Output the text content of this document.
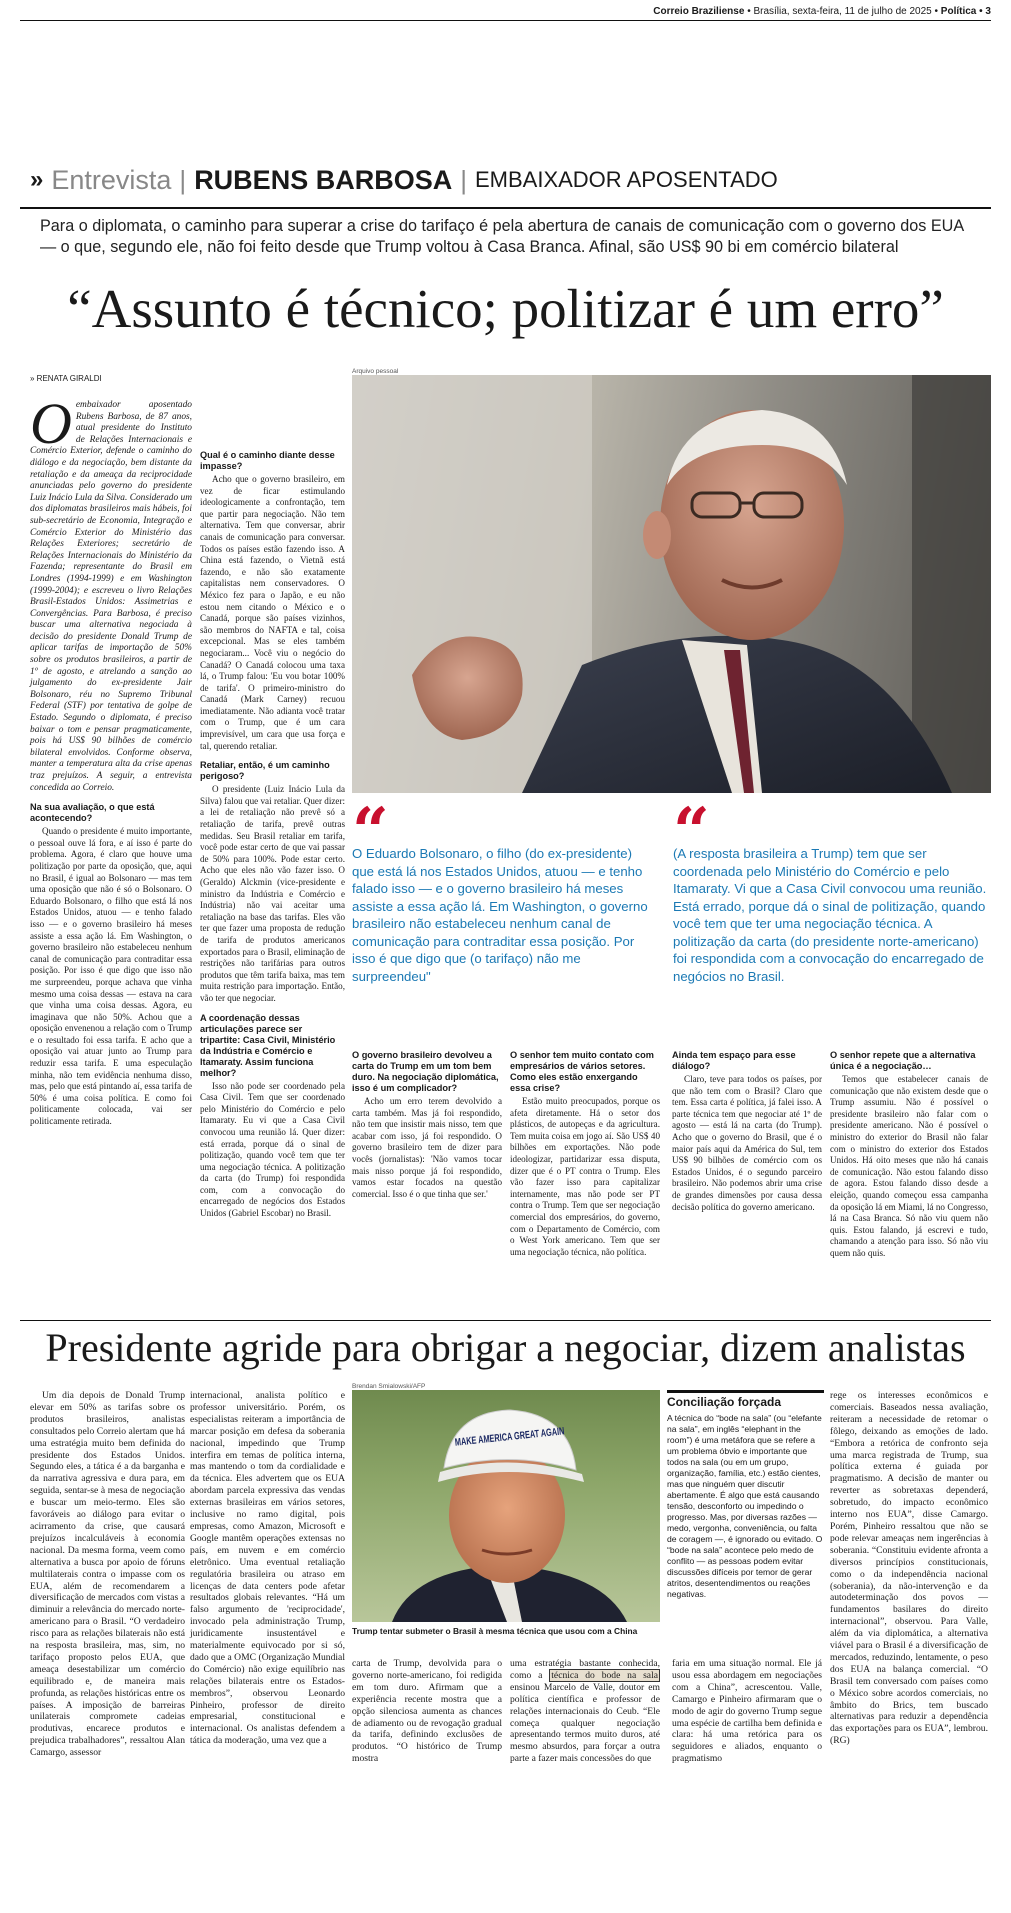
Correio Braziliense • Brasília, sexta-feira, 11 de julho de 2025 • Política • 3
» Entrevista | RUBENS BARBOSA | EMBAIXADOR APOSENTADO
Para o diplomata, o caminho para superar a crise do tarifaço é pela abertura de canais de comunicação com o governo dos EUA — o que, segundo ele, não foi feito desde que Trump voltou à Casa Branca. Afinal, são US$ 90 bi em comércio bilateral
“Assunto é técnico; politizar é um erro”
» RENATA GIRALDI
Arquivo pessoal
Oembaixador aposentado Rubens Barbosa, de 87 anos, atual presidente do Instituto de Relações Internacionais e Comércio Exterior, defende o caminho do diálogo e da negociação, bem distante da retaliação e da ameaça da reciprocidade anunciadas pelo governo do presidente Luiz Inácio Lula da Silva. Considerado um dos diplomatas brasileiros mais hábeis, foi sub-secretário de Economia, Integração e Comércio Exterior do Ministério das Relações Exteriores; secretário de Relações Internacionais do Ministério da Fazenda; representante do Brasil em Londres (1994-1999) e em Washington (1999-2004); e escreveu o livro Relações Brasil-Estados Unidos: Assimetrias e Convergências. Para Barbosa, é preciso buscar uma alternativa negociada à decisão do presidente Donald Trump de aplicar tarifas de importação de 50% sobre os produtos brasileiros, a partir de 1º de agosto, e atrelando a sanção ao julgamento do ex-presidente Jair Bolsonaro, réu no Supremo Tribunal Federal (STF) por tentativa de golpe de Estado. Segundo o diplomata, é preciso baixar o tom e pensar pragmaticamente, pois há US$ 90 bilhões de comércio bilateral envolvidos. Conforme observa, manter a temperatura alta da crise apenas traz prejuízos. A seguir, a entrevista concedida ao Correio.
Na sua avaliação, o que está acontecendo?

Quando o presidente é muito importante, o pessoal ouve lá fora, e aí isso é parte do problema. Agora, é claro que houve uma politização por parte da oposição, que, aqui no Brasil, é igual ao Bolsonaro — mas tem uma oposição que não é só o Bolsonaro. O Eduardo Bolsonaro, o filho que está lá nos Estados Unidos, atuou — e tenho falado isso — e o governo brasileiro há meses assiste a essa ação lá. Em Washington, o governo brasileiro não estabeleceu nenhum canal de comunicação para contraditar essa posição. Por isso é que digo que isso não me surpreendeu, porque achava que vinha mesmo uma coisa dessas — estava na cara que vinha uma coisa dessas. Agora, eu imaginava que não 50%. Achou que a oposição envenenou a relação com o Trump e o resultado foi essa tarifa. E acho que a oposição vai atuar junto ao Trump para reduzir essa tarifa. E uma especulação minha, não tem evidência nenhuma disso, mas, pelo que está pintando aí, essa tarifa de 50% é uma coisa política. E como foi politicamente colocada, vai ser politicamente retirada.

Qual é o caminho diante desse impasse?

Acho que o governo brasileiro, em vez de ficar estimulando ideologicamente a confrontação, tem que partir para negociação. Não tem alternativa. Tem que conversar, abrir canais de comunicação para conversar. Todos os países estão fazendo isso. A China está fazendo, o Vietnã está fazendo, e não são exatamente capitalistas nem conservadores. O México fez para o Japão, e eu não estou nem citando o México e o Canadá, porque são países vizinhos, são membros do NAFTA e tal, coisa excepcional. Mas se eles também negociaram... Você viu o negócio do Canadá? O Canadá colocou uma taxa lá, o Trump falou: 'Eu vou botar 100% de tarifa'. O primeiro-ministro do Canadá (Mark Carney) recuou imediatamente. Não adianta você tratar com o Trump, que é um cara imprevisível, um cara que usa força e tal, querendo retaliar.

Retaliar, então, é um caminho perigoso?

O presidente (Luiz Inácio Lula da Silva) falou que vai retaliar. Quer dizer: a lei de retaliação não prevê só a retaliação de tarifa, prevê outras medidas. Seu Brasil retaliar em tarifa, você pode estar certo de que vai passar de 50% para 100%. Pode estar certo. Acho que eles não vão fazer isso. O (Geraldo) Alckmin (vice-presidente e ministro da Indústria e Comércio e Indústria) não vai aceitar uma retaliação na base das tarifas. Eles vão ter que fazer uma proposta de redução de tarifa de produtos americanos exportados para o Brasil, eliminação de restrições não tarifárias para outros produtos que têm tarifa baixa, mas tem muita restrição para importação. Então, vão ter que negociar.

A coordenação dessas articulações parece ser tripartite: Casa Civil, Ministério da Indústria e Comércio e Itamaraty. Assim funciona melhor?

Isso não pode ser coordenado pela Casa Civil. Tem que ser coordenado pelo Ministério do Comércio e pelo Itamaraty. Eu vi que a Casa Civil convocou uma reunião lá. Quer dizer: está errada, porque dá o sinal de politização, quando você tem que ter uma negociação técnica. A politização da carta (do Trump) foi respondida com, com a convocação do encarregado de negócios dos Estados Unidos (Gabriel Escobar) no Brasil.

“
O Eduardo Bolsonaro, o filho (do ex-presidente) que está lá nos Estados Unidos, atuou — e tenho falado isso — e o governo brasileiro há meses assiste a essa ação lá. Em Washington, o governo brasileiro não estabeleceu nenhum canal de comunicação para contraditar essa posição. Por isso é que digo que (o tarifaço) não me surpreendeu"
“
(A resposta brasileira a Trump) tem que ser coordenada pelo Ministério do Comércio e pelo Itamaraty. Vi que a Casa Civil convocou uma reunião. Está errado, porque dá o sinal de politização, quando você tem que ter uma negociação técnica. A politização da carta (do presidente norte-americano) foi respondida com a convocação do encarregado de negócios no Brasil.
O governo brasileiro devolveu a carta do Trump em um tom bem duro. Na negociação diplomática, isso é um complicador?

Acho um erro terem devolvido a carta também. Mas já foi respondido, não tem que insistir mais nisso, tem que acabar com isso, já foi respondido. O governo brasileiro tem de dizer para vocês (jornalistas): 'Não vamos tocar mais nisso porque já foi respondido, vamos estar focados na questão comercial. Isso é o que tinha que ser.'

O senhor tem muito contato com empresários de vários setores. Como eles estão enxergando essa crise?

Estão muito preocupados, porque os afeta diretamente. Há o setor dos plásticos, de autopeças e da agricultura. Tem muita coisa em jogo aí. São US$ 40 bilhões em exportações. Não pode ideologizar, partidarizar essa disputa, dizer que é o PT contra o Trump. Eles vão fazer isso para capitalizar internamente, mas não pode ser PT contra o Trump. Tem que ser negociação comercial dos empresários, do governo, com o Departamento de Comércio, com o West York americano. Tem que ser uma negociação técnica, não política.

Ainda tem espaço para esse diálogo?

Claro, teve para todos os países, por que não tem com o Brasil? Claro que tem. Essa carta é política, já falei isso. A parte técnica tem que negociar até 1º de agosto — está lá na carta (do Trump). Acho que o governo do Brasil, que é o maior país aqui da América do Sul, tem US$ 90 bilhões de comércio com os Estados Unidos, é o segundo parceiro brasileiro. Não podemos abrir uma crise de grandes dimensões por causa dessa decisão política do governo americano.

O senhor repete que a alternativa única é a negociação…

Temos que estabelecer canais de comunicação que não existem desde que o Trump assumiu. Não é possível o presidente brasileiro não falar com o presidente americano. Não é possível o ministro do exterior do Brasil não falar com o ministro do exterior dos Estados Unidos. Há oito meses que não há canais de comunicação. Não estou falando disso de agora. Estou falando disso desde a eleição, quando começou essa campanha da oposição lá em Miami, lá no Congresso, lá na Casa Branca. Só não viu quem não quis. Estou falando, já escrevi e tudo, chamando a atenção para isso. Só não viu quem não quis.

Presidente agride para obrigar a negociar, dizem analistas

Um dia depois de Donald Trump elevar em 50% as tarifas sobre os produtos brasileiros, analistas consultados pelo Correio alertam que há uma estratégia muito bem definida do presidente dos Estados Unidos. Segundo eles, a tática é a da barganha e da narrativa agressiva e dura para, em seguida, sentar-se à mesa de negociação e buscar um meio-termo. Eles são favoráveis ao diálogo para evitar o acirramento da crise, que causará prejuízos incalculáveis à economia nacional. Da mesma forma, veem como alternativa a busca por apoio de fóruns multilaterais contra o impasse com os EUA, além de recomendarem a diversificação de mercados com vistas a diminuir a relevância do mercado norte-americano para o Brasil. “O verdadeiro risco para as relações bilaterais não está na resposta brasileira, mas, sim, no tarifaço proposto pelos EUA, que ameaça desestabilizar um comércio equilibrado e, de maneira mais profunda, as relações históricas entre os países. A imposição de barreiras unilaterais compromete cadeias produtivas, encarece produtos e prejudica trabalhadores”, ressaltou Alan Camargo, assessor

internacional, analista político e professor universitário. Porém, os especialistas reiteram a importância de marcar posição em defesa da soberania nacional, impedindo que Trump interfira em temas de política interna, mas mantendo o tom da cordialidade e da técnica. Eles advertem que os EUA abordam parcela expressiva das vendas externas brasileiras em vários setores, inclusive no ramo digital, pois empresas, como Amazon, Microsoft e Google mantêm operações extensas no país, em nuvem e em comércio eletrônico. Uma eventual retaliação regulatória brasileira ou atraso em licenças de data centers pode afetar resultados globais relevantes. “Há um falso argumento de 'reciprocidade', invocado pela administração Trump, juridicamente insustentável e materialmente equivocado por si só, dado que a OMC (Organização Mundial do Comércio) não exige equilíbrio nas relações bilaterais entre os Estados-membros”, observou Leonardo Pinheiro, professor de direito empresarial, constitucional e internacional. Os analistas defendem a tática da moderação, uma vez que a

Brendan Smialowski/AFP
MAKE AMERICA GREAT AGAIN
Trump tentar submeter o Brasil à mesma técnica que usou com a China

carta de Trump, devolvida para o governo norte-americano, foi redigida em tom duro. Afirmam que a experiência recente mostra que a opção silenciosa aumenta as chances de adiamento ou de revogação gradual da tarifa, definindo exclusões de produtos. “O histórico de Trump mostra

uma estratégia bastante conhecida, como a técnica do bode na sala ensinou Marcelo de Valle, doutor em política científica e professor de relações internacionais do Ceub. “Ele começa qualquer negociação apresentando termos muito duros, até mesmo absurdos, para forçar a outra parte a fazer mais concessões do que

Conciliação forçada
A técnica do “bode na sala” (ou “elefante na sala”, em inglês “elephant in the room”) é uma metáfora que se refere a um problema óbvio e importante que todos na sala (ou em um grupo, organização, família, etc.) estão cientes, mas que ninguém quer discutir abertamente. É algo que está causando tensão, desconforto ou impedindo o progresso. Mas, por diversas razões — medo, vergonha, conveniência, ou falta de coragem —, é ignorado ou evitado. O “bode na sala” acontece pelo medo de conflito — as pessoas podem evitar discussões difíceis por temor de gerar atritos, desentendimentos ou reações negativas.

faria em uma situação normal. Ele já usou essa abordagem em negociações com a China”, acrescentou. Valle, Camargo e Pinheiro afirmaram que o modo de agir do governo Trump segue uma espécie de cartilha bem definida e clara: há uma retórica para os seguidores e aliados, enquanto o pragmatismo

rege os interesses econômicos e comerciais. Baseados nessa avaliação, reiteram a necessidade de retomar o fôlego, deixando as emoções de lado. “Embora a retórica de confronto seja uma marca registrada de Trump, sua política externa é guiada por pragmatismo. A decisão de manter ou reverter as sobretaxas dependerá, sobretudo, do impacto econômico interno nos EUA”, disse Camargo. Porém, Pinheiro ressaltou que não se pode relevar ameaças nem ingerências à soberania. “Constituiu evidente afronta a diversos princípios constitucionais, como o da independência nacional (soberania), da não-intervenção e da autodeterminação dos povos — fundamentos basilares do direito internacional”, observou. Para Valle, além da via diplomática, a alternativa viável para o Brasil é a diversificação de mercados, reduzindo, lentamente, o peso dos EUA na balança comercial. “O Brasil tem conversado com países como o México sobre acordos comerciais, no âmbito do Brics, tem buscado alternativas para reduzir a dependência das exportações para os EUA”, lembrou. (RG)
